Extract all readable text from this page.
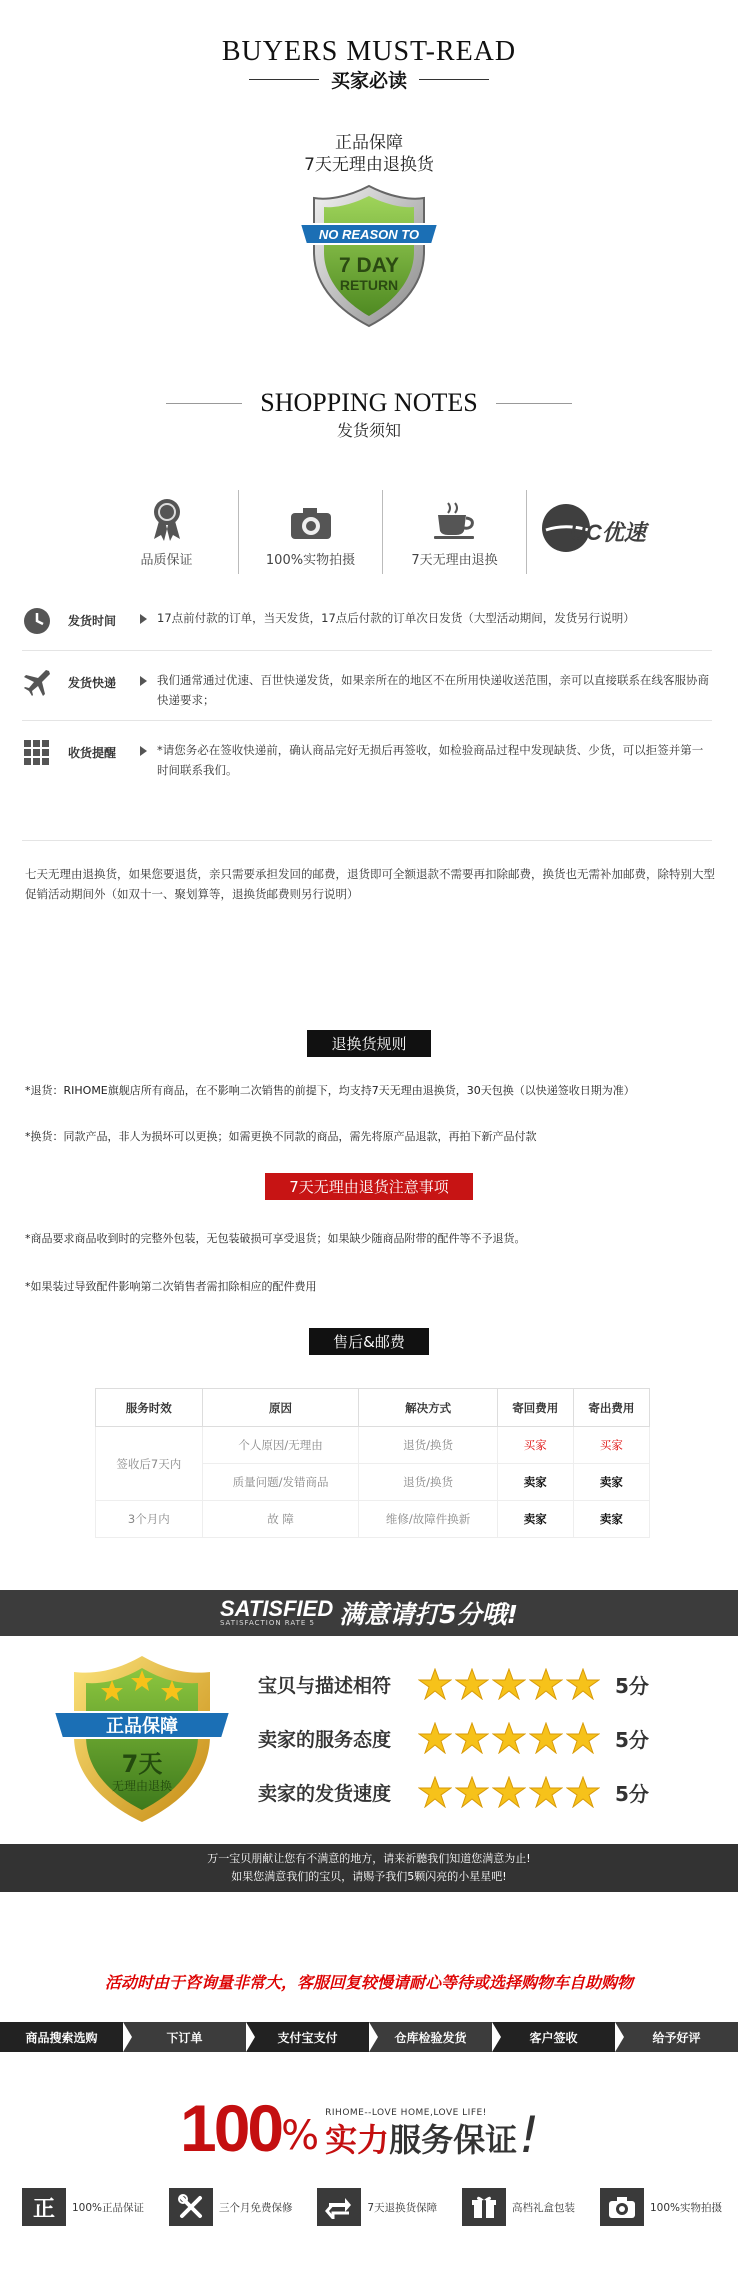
BUYERS MUST-READ
买家必读
正品保障
7天无理由退换货
NO REASON TO
7 DAY
RETURN
SHOPPING NOTES
发货须知
品质保证	100%实物拍摄	7天无理由退换
UC优速
发货时间	17点前付款的订单，当天发货，17点后付款的订单次日发货（大型活动期间，发货另行说明）
发货快递	我们通常通过优速、百世快递发货，如果亲所在的地区不在所用快递收送范围，亲可以直接联系在线客服协商快递要求；
收货提醒	*请您务必在签收快递前，确认商品完好无损后再签收，如检验商品过程中发现缺货、少货，可以拒签并第一时间联系我们。
七天无理由退换货，如果您要退货，亲只需要承担发回的邮费，退货即可全额退款不需要再扣除邮费，换货也无需补加邮费，除特别大型促销活动期间外（如双十一、聚划算等，退换货邮费则另行说明）
退换货规则
*退货：RIHOME旗舰店所有商品，在不影响二次销售的前提下，均支持7天无理由退换货，30天包换（以快递签收日期为准）
*换货：同款产品，非人为损坏可以更换；如需更换不同款的商品，需先将原产品退款，再拍下新产品付款
7天无理由退货注意事项
*商品要求商品收到时的完整外包装，无包装破损可享受退货；如果缺少随商品附带的配件等不予退货。
*如果装过导致配件影响第二次销售者需扣除相应的配件费用
售后&邮费
服务时效	原因	解决方式	寄回费用	寄出费用
签收后7天内	个人原因/无理由	退货/换货	买家	买家
	质量问题/发错商品	退货/换货	卖家	卖家
3个月内	故 障	维修/故障件换新	卖家	卖家
SATISFIED
SATISFACTION RATE 5 满意请打5分哦!
正品保障
7天
无理由退换
宝贝与描述相符	5分
卖家的服务态度	5分
卖家的发货速度	5分
万一宝贝朋献让您有不满意的地方，请来祈聽我们知道您满意为止!
如果您满意我们的宝贝，请赐予我们5颗闪亮的小星星吧!
活动时由于咨询量非常大，客服回复较慢请耐心等待或选择购物车自助购物
商品搜索选购	下订单	支付宝支付	仓库检验发货	客户签收	给予好评
100 % RIHOME--LOVE HOME,LOVE LIFE!
实力服务保证 !
正 100%正品保证	三个月免费保修	7天退换货保障	高档礼盒包装	100%实物拍摄
